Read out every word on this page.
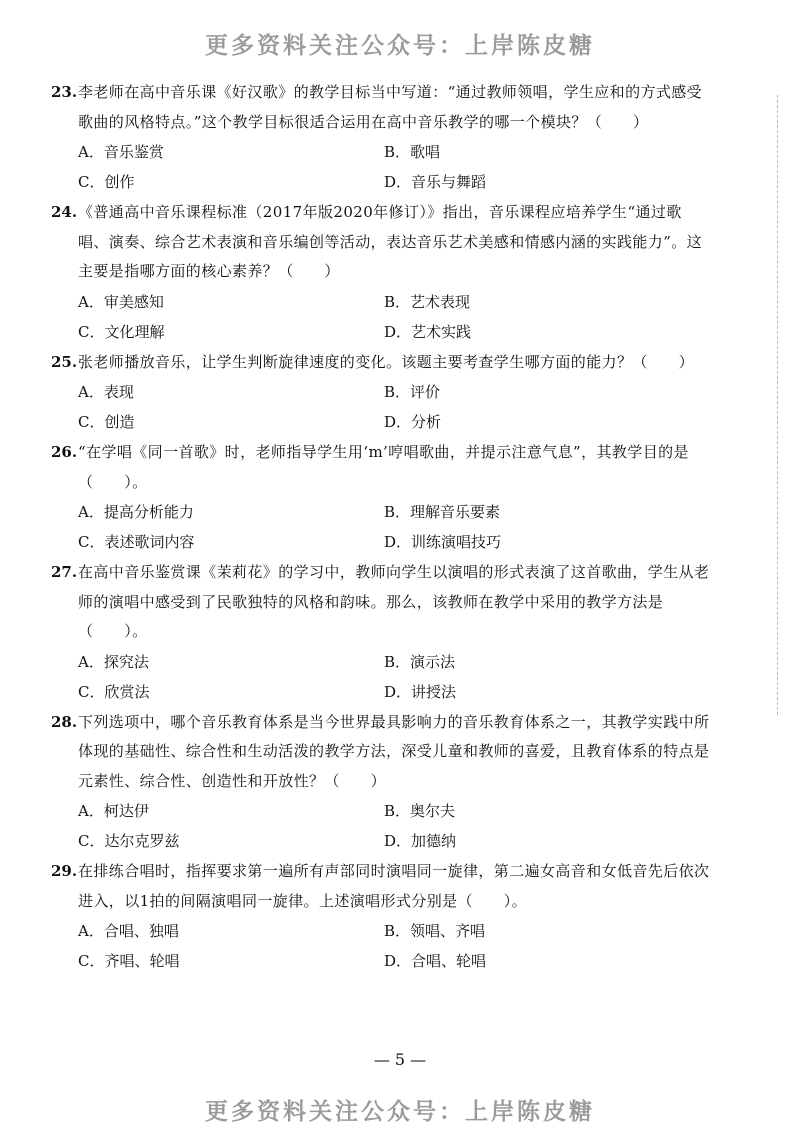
更多资料关注公众号：上岸陈皮糖
23. 李老师在高中音乐课《好汉歌》的教学目标当中写道：“通过教师领唱，学生应和的方式感受歌曲的风格特点。”这个教学目标很适合运用在高中音乐教学的哪一个模块？（　　）
A．音乐鉴赏	B．歌唱
C．创作	D．音乐与舞蹈
24. 《普通高中音乐课程标准（2017年版2020年修订）》指出，音乐课程应培养学生“通过歌唱、演奏、综合艺术表演和音乐编创等活动，表达音乐艺术美感和情感内涵的实践能力”。这主要是指哪方面的核心素养？（　　）
A．审美感知	B．艺术表现
C．文化理解	D．艺术实践
25. 张老师播放音乐，让学生判断旋律速度的变化。该题主要考查学生哪方面的能力？（　　）
A．表现	B．评价
C．创造	D．分析
26. “在学唱《同一首歌》时，老师指导学生用‘m’哼唱歌曲，并提示注意气息”，其教学目的是（　　）。
A．提高分析能力	B．理解音乐要素
C．表述歌词内容	D．训练演唱技巧
27. 在高中音乐鉴赏课《茉莉花》的学习中，教师向学生以演唱的形式表演了这首歌曲，学生从老师的演唱中感受到了民歌独特的风格和韵味。那么，该教师在教学中采用的教学方法是（　　）。
A．探究法	B．演示法
C．欣赏法	D．讲授法
28. 下列选项中，哪个音乐教育体系是当今世界最具影响力的音乐教育体系之一，其教学实践中所体现的基础性、综合性和生动活泼的教学方法，深受儿童和教师的喜爱，且教育体系的特点是元素性、综合性、创造性和开放性？（　　）
A．柯达伊	B．奥尔夫
C．达尔克罗兹	D．加德纳
29. 在排练合唱时，指挥要求第一遍所有声部同时演唱同一旋律，第二遍女高音和女低音先后依次进入，以1拍的间隔演唱同一旋律。上述演唱形式分别是（　　）。
A．合唱、独唱	B．领唱、齐唱
C．齐唱、轮唱	D．合唱、轮唱
— 5 —
更多资料关注公众号：上岸陈皮糖
